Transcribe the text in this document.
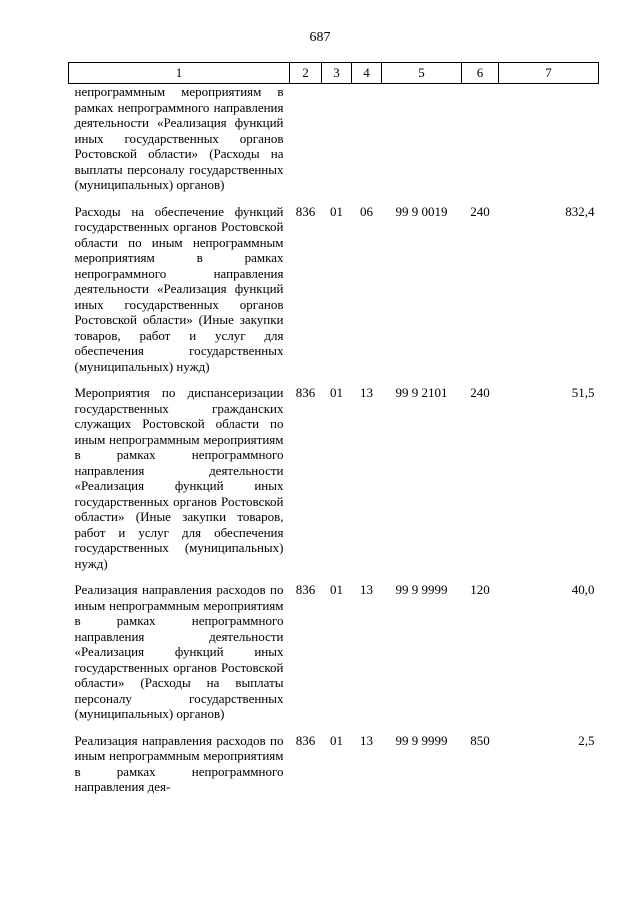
687
1	2	3	4	5	6	7
непрограммным мероприятиям в рамках непрограммного направления деятельности «Реализация функций иных государственных органов Ростовской области» (Расходы на выплаты персоналу государственных (муниципальных) органов)						
Расходы на обеспечение функций государственных органов Ростовской области по иным непрограммным мероприятиям в рамках непрограммного направления деятельности «Реализация функций иных государственных органов Ростовской области» (Иные закупки товаров, работ и услуг для обеспечения государственных (муниципальных) нужд)	836	01	06	99 9 0019	240	832,4
Мероприятия по диспансеризации государственных гражданских служащих Ростовской области по иным непрограммным мероприятиям в рамках непрограммного направления деятельности «Реализация функций иных государственных органов Ростовской области» (Иные закупки товаров, работ и услуг для обеспечения государственных (муниципальных) нужд)	836	01	13	99 9 2101	240	51,5
Реализация направления расходов по иным непрограммным мероприятиям в рамках непрограммного направления деятельности «Реализация функций иных государственных органов Ростовской области» (Расходы на выплаты персоналу государственных (муниципальных) органов)	836	01	13	99 9 9999	120	40,0
Реализация направления расходов по иным непрограммным мероприятиям в рамках непрограммного направления дея-	836	01	13	99 9 9999	850	2,5
